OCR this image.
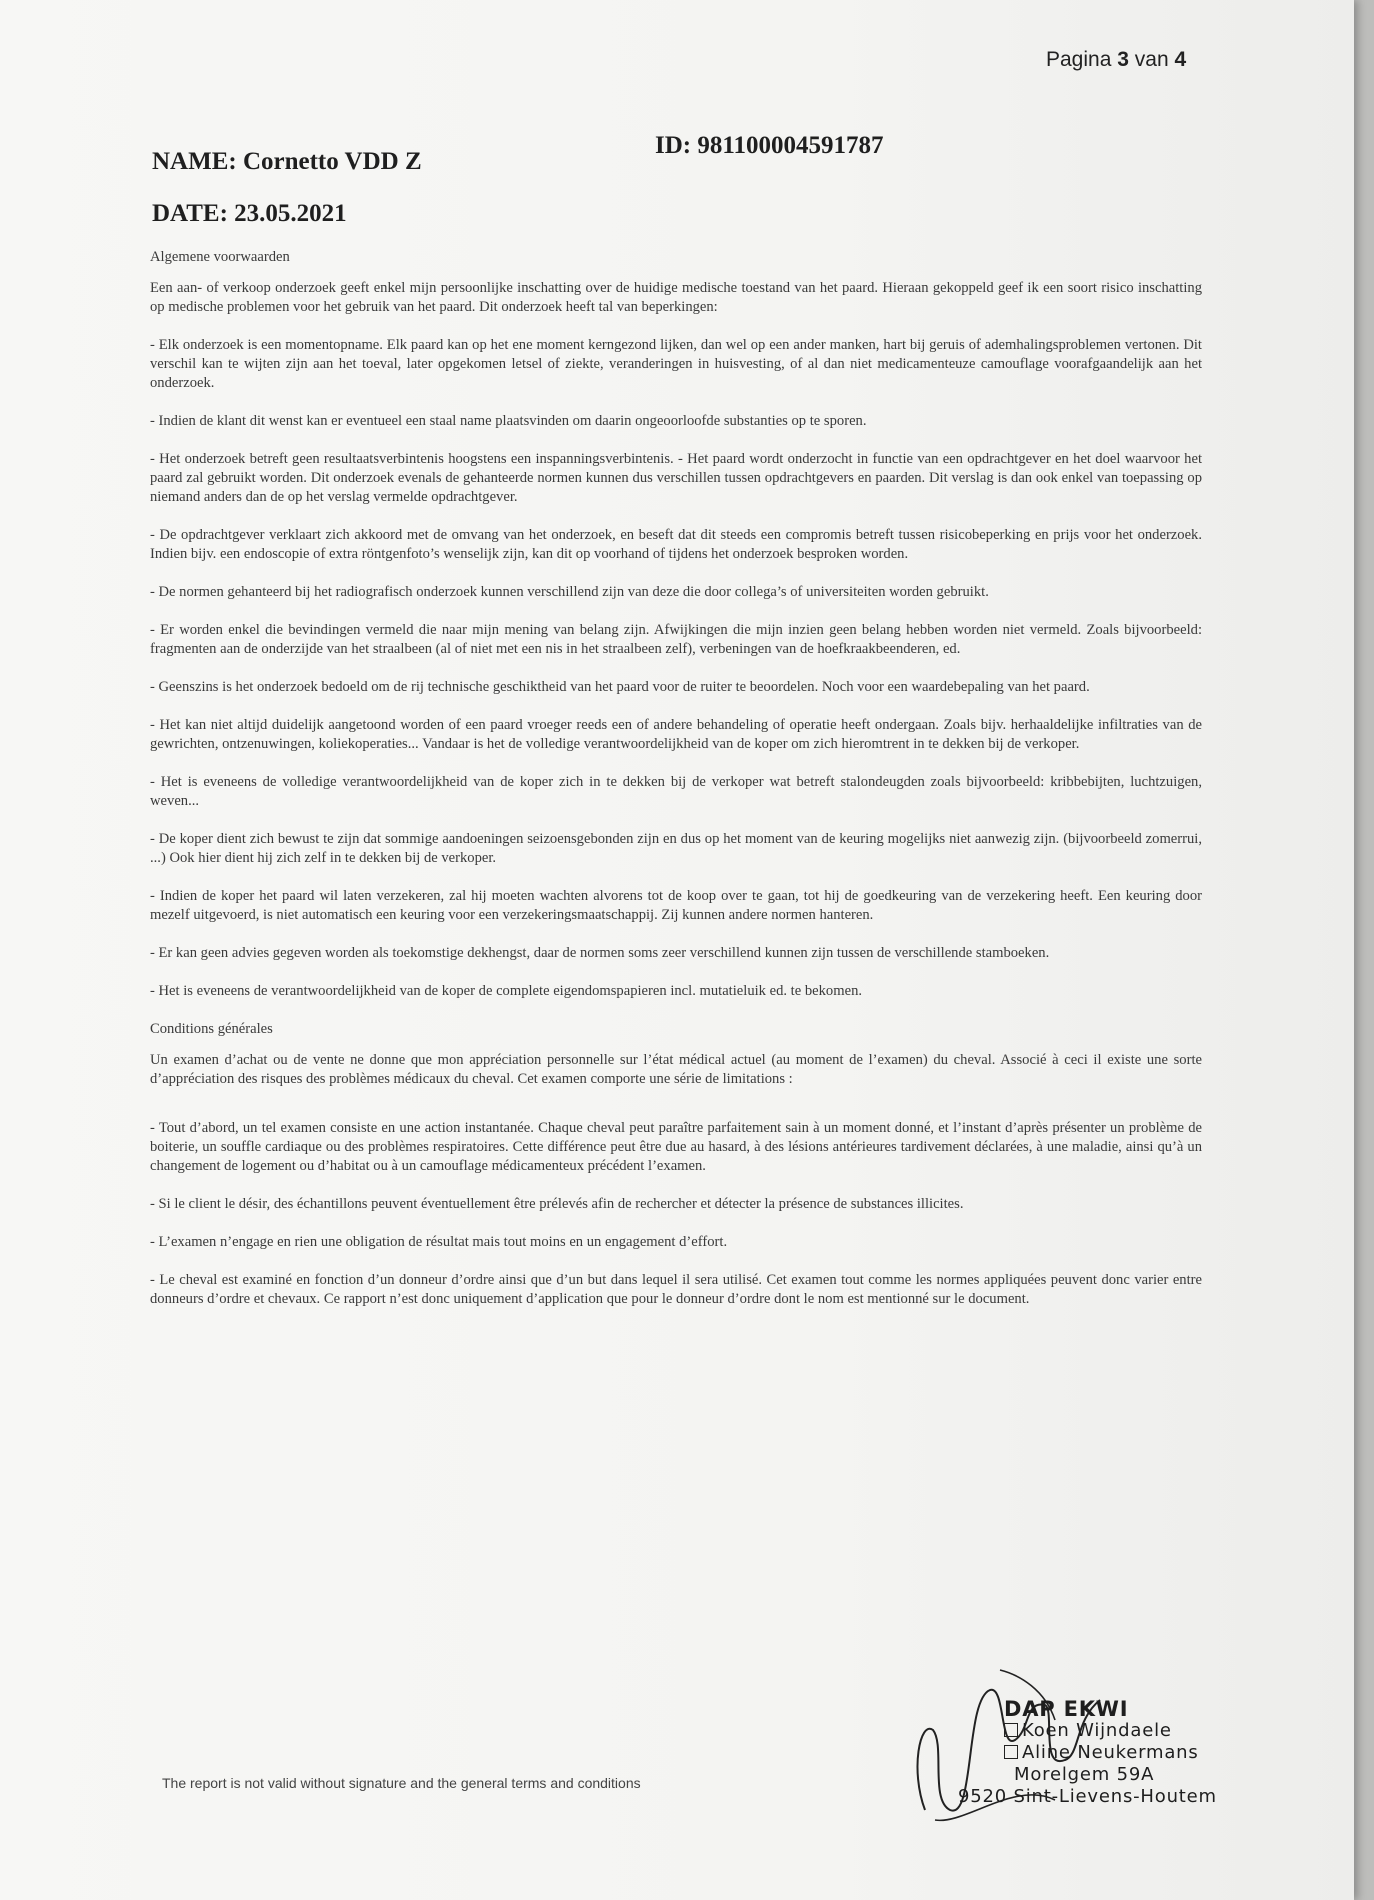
Pagina 3 van 4
NAME: Cornetto VDD Z
ID: 981100004591787
DATE: 23.05.2021

Algemene voorwaarden

Een aan- of verkoop onderzoek geeft enkel mijn persoonlijke inschatting over de huidige medische toestand van het paard. Hieraan gekoppeld geef ik een soort risico inschatting op medische problemen voor het gebruik van het paard. Dit onderzoek heeft tal van beperkingen:

- Elk onderzoek is een momentopname. Elk paard kan op het ene moment kerngezond lijken, dan wel op een ander manken, hart bij geruis of ademhalingsproblemen vertonen. Dit verschil kan te wijten zijn aan het toeval, later opgekomen letsel of ziekte, veranderingen in huisvesting, of al dan niet medicamenteuze camouflage voorafgaandelijk aan het onderzoek.

- Indien de klant dit wenst kan er eventueel een staal name plaatsvinden om daarin ongeoorloofde substanties op te sporen.

- Het onderzoek betreft geen resultaatsverbintenis hoogstens een inspanningsverbintenis. - Het paard wordt onderzocht in functie van een opdrachtgever en het doel waarvoor het paard zal gebruikt worden. Dit onderzoek evenals de gehanteerde normen kunnen dus verschillen tussen opdrachtgevers en paarden. Dit verslag is dan ook enkel van toepassing op niemand anders dan de op het verslag vermelde opdrachtgever.

- De opdrachtgever verklaart zich akkoord met de omvang van het onderzoek, en beseft dat dit steeds een compromis betreft tussen risicobeperking en prijs voor het onderzoek. Indien bijv. een endoscopie of extra röntgenfoto’s wenselijk zijn, kan dit op voorhand of tijdens het onderzoek besproken worden.

- De normen gehanteerd bij het radiografisch onderzoek kunnen verschillend zijn van deze die door collega’s of universiteiten worden gebruikt.

- Er worden enkel die bevindingen vermeld die naar mijn mening van belang zijn. Afwijkingen die mijn inzien geen belang hebben worden niet vermeld. Zoals bijvoorbeeld: fragmenten aan de onderzijde van het straalbeen (al of niet met een nis in het straalbeen zelf), verbeningen van de hoefkraakbeenderen, ed.

- Geenszins is het onderzoek bedoeld om de rij technische geschiktheid van het paard voor de ruiter te beoordelen. Noch voor een waardebepaling van het paard.

- Het kan niet altijd duidelijk aangetoond worden of een paard vroeger reeds een of andere behandeling of operatie heeft ondergaan. Zoals bijv. herhaaldelijke infiltraties van de gewrichten, ontzenuwingen, koliekoperaties... Vandaar is het de volledige verantwoordelijkheid van de koper om zich hieromtrent in te dekken bij de verkoper.

- Het is eveneens de volledige verantwoordelijkheid van de koper zich in te dekken bij de verkoper wat betreft stalondeugden zoals bijvoorbeeld: kribbebijten, luchtzuigen, weven...

- De koper dient zich bewust te zijn dat sommige aandoeningen seizoensgebonden zijn en dus op het moment van de keuring mogelijks niet aanwezig zijn. (bijvoorbeeld zomerrui, ...) Ook hier dient hij zich zelf in te dekken bij de verkoper.

- Indien de koper het paard wil laten verzekeren, zal hij moeten wachten alvorens tot de koop over te gaan, tot hij de goedkeuring van de verzekering heeft. Een keuring door mezelf uitgevoerd, is niet automatisch een keuring voor een verzekeringsmaatschappij. Zij kunnen andere normen hanteren.

- Er kan geen advies gegeven worden als toekomstige dekhengst, daar de normen soms zeer verschillend kunnen zijn tussen de verschillende stamboeken.

- Het is eveneens de verantwoordelijkheid van de koper de complete eigendomspapieren incl. mutatieluik ed. te bekomen.

Conditions générales

Un examen d’achat ou de vente ne donne que mon appréciation personnelle sur l’état médical actuel (au moment de l’examen) du cheval. Associé à ceci il existe une sorte d’appréciation des risques des problèmes médicaux du cheval. Cet examen comporte une série de limitations :

- Tout d’abord, un tel examen consiste en une action instantanée. Chaque cheval peut paraître parfaitement sain à un moment donné, et l’instant d’après présenter un problème de boiterie, un souffle cardiaque ou des problèmes respiratoires. Cette différence peut être due au hasard, à des lésions antérieures tardivement déclarées, à une maladie, ainsi qu’à un changement de logement ou d’habitat ou à un camouflage médicamenteux précédent l’examen.

- Si le client le désir, des échantillons peuvent éventuellement être prélevés afin de rechercher et détecter la présence de substances illicites.

- L’examen n’engage en rien une obligation de résultat mais tout moins en un engagement d’effort.

- Le cheval est examiné en fonction d’un donneur d’ordre ainsi que d’un but dans lequel il sera utilisé. Cet examen tout comme les normes appliquées peuvent donc varier entre donneurs d’ordre et chevaux. Ce rapport n’est donc uniquement d’application que pour le donneur d’ordre dont le nom est mentionné sur le document.

The report is not valid without signature and the general terms and conditions
DAP EKWI
Koen Wijndaele
Aline Neukermans
Morelgem 59A
9520 Sint-Lievens-Houtem
